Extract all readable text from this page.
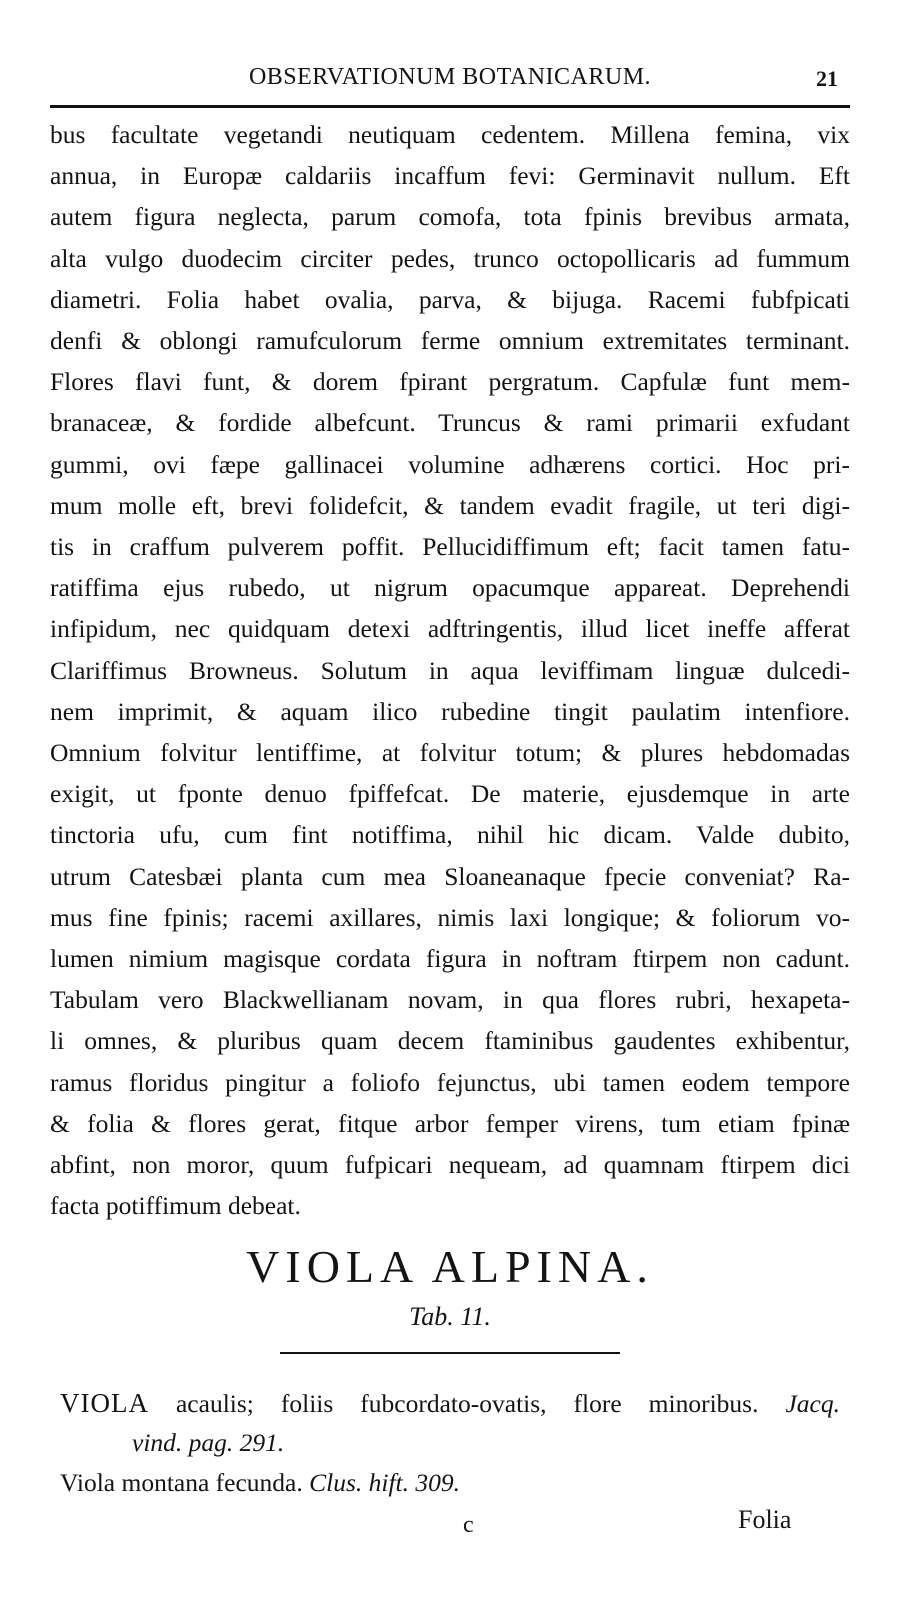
OBSERVATIONUM BOTANICARUM.	21

bus facultate vegetandi neutiquam cedentem. Millena femina, vix
annua, in Europæ caldariis incaffum fevi: Germinavit nullum. Eft
autem figura neglecta, parum comofa, tota fpinis brevibus armata,
alta vulgo duodecim circiter pedes, trunco octopollicaris ad fummum
diametri. Folia habet ovalia, parva, & bijuga. Racemi fubfpicati
denfi & oblongi ramufculorum ferme omnium extremitates terminant.
Flores flavi funt, & dorem fpirant pergratum. Capfulæ funt mem-
branaceæ, & fordide albefcunt. Truncus & rami primarii exfudant
gummi, ovi fæpe gallinacei volumine adhærens cortici. Hoc pri-
mum molle eft, brevi folidefcit, & tandem evadit fragile, ut teri digi-
tis in craffum pulverem poffit. Pellucidiffimum eft; facit tamen fatu-
ratiffima ejus rubedo, ut nigrum opacumque appareat. Deprehendi
infipidum, nec quidquam detexi adftringentis, illud licet ineffe afferat
Clariffimus Browneus. Solutum in aqua leviffimam linguæ dulcedi-
nem imprimit, & aquam ilico rubedine tingit paulatim intenfiore.
Omnium folvitur lentiffime, at folvitur totum; & plures hebdomadas
exigit, ut fponte denuo fpiffefcat. De materie, ejusdemque in arte
tinctoria ufu, cum fint notiffima, nihil hic dicam. Valde dubito,
utrum Catesbæi planta cum mea Sloaneanaque fpecie conveniat? Ra-
mus fine fpinis; racemi axillares, nimis laxi longique; & foliorum vo-
lumen nimium magisque cordata figura in noftram ftirpem non cadunt.
Tabulam vero Blackwellianam novam, in qua flores rubri, hexapeta-
li omnes, & pluribus quam decem ftaminibus gaudentes exhibentur,
ramus floridus pingitur a foliofo fejunctus, ubi tamen eodem tempore
& folia & flores gerat, fitque arbor femper virens, tum etiam fpinæ
abfint, non moror, quum fufpicari nequeam, ad quamnam ftirpem dici
facta potiffimum debeat.

VIOLA ALPINA.
Tab. 11.
VIOLA acaulis; foliis fubcordato-ovatis, flore minoribus. Jacq.
vind. pag. 291.
Viola montana fecunda. Clus. hift. 309.
c	Folia
